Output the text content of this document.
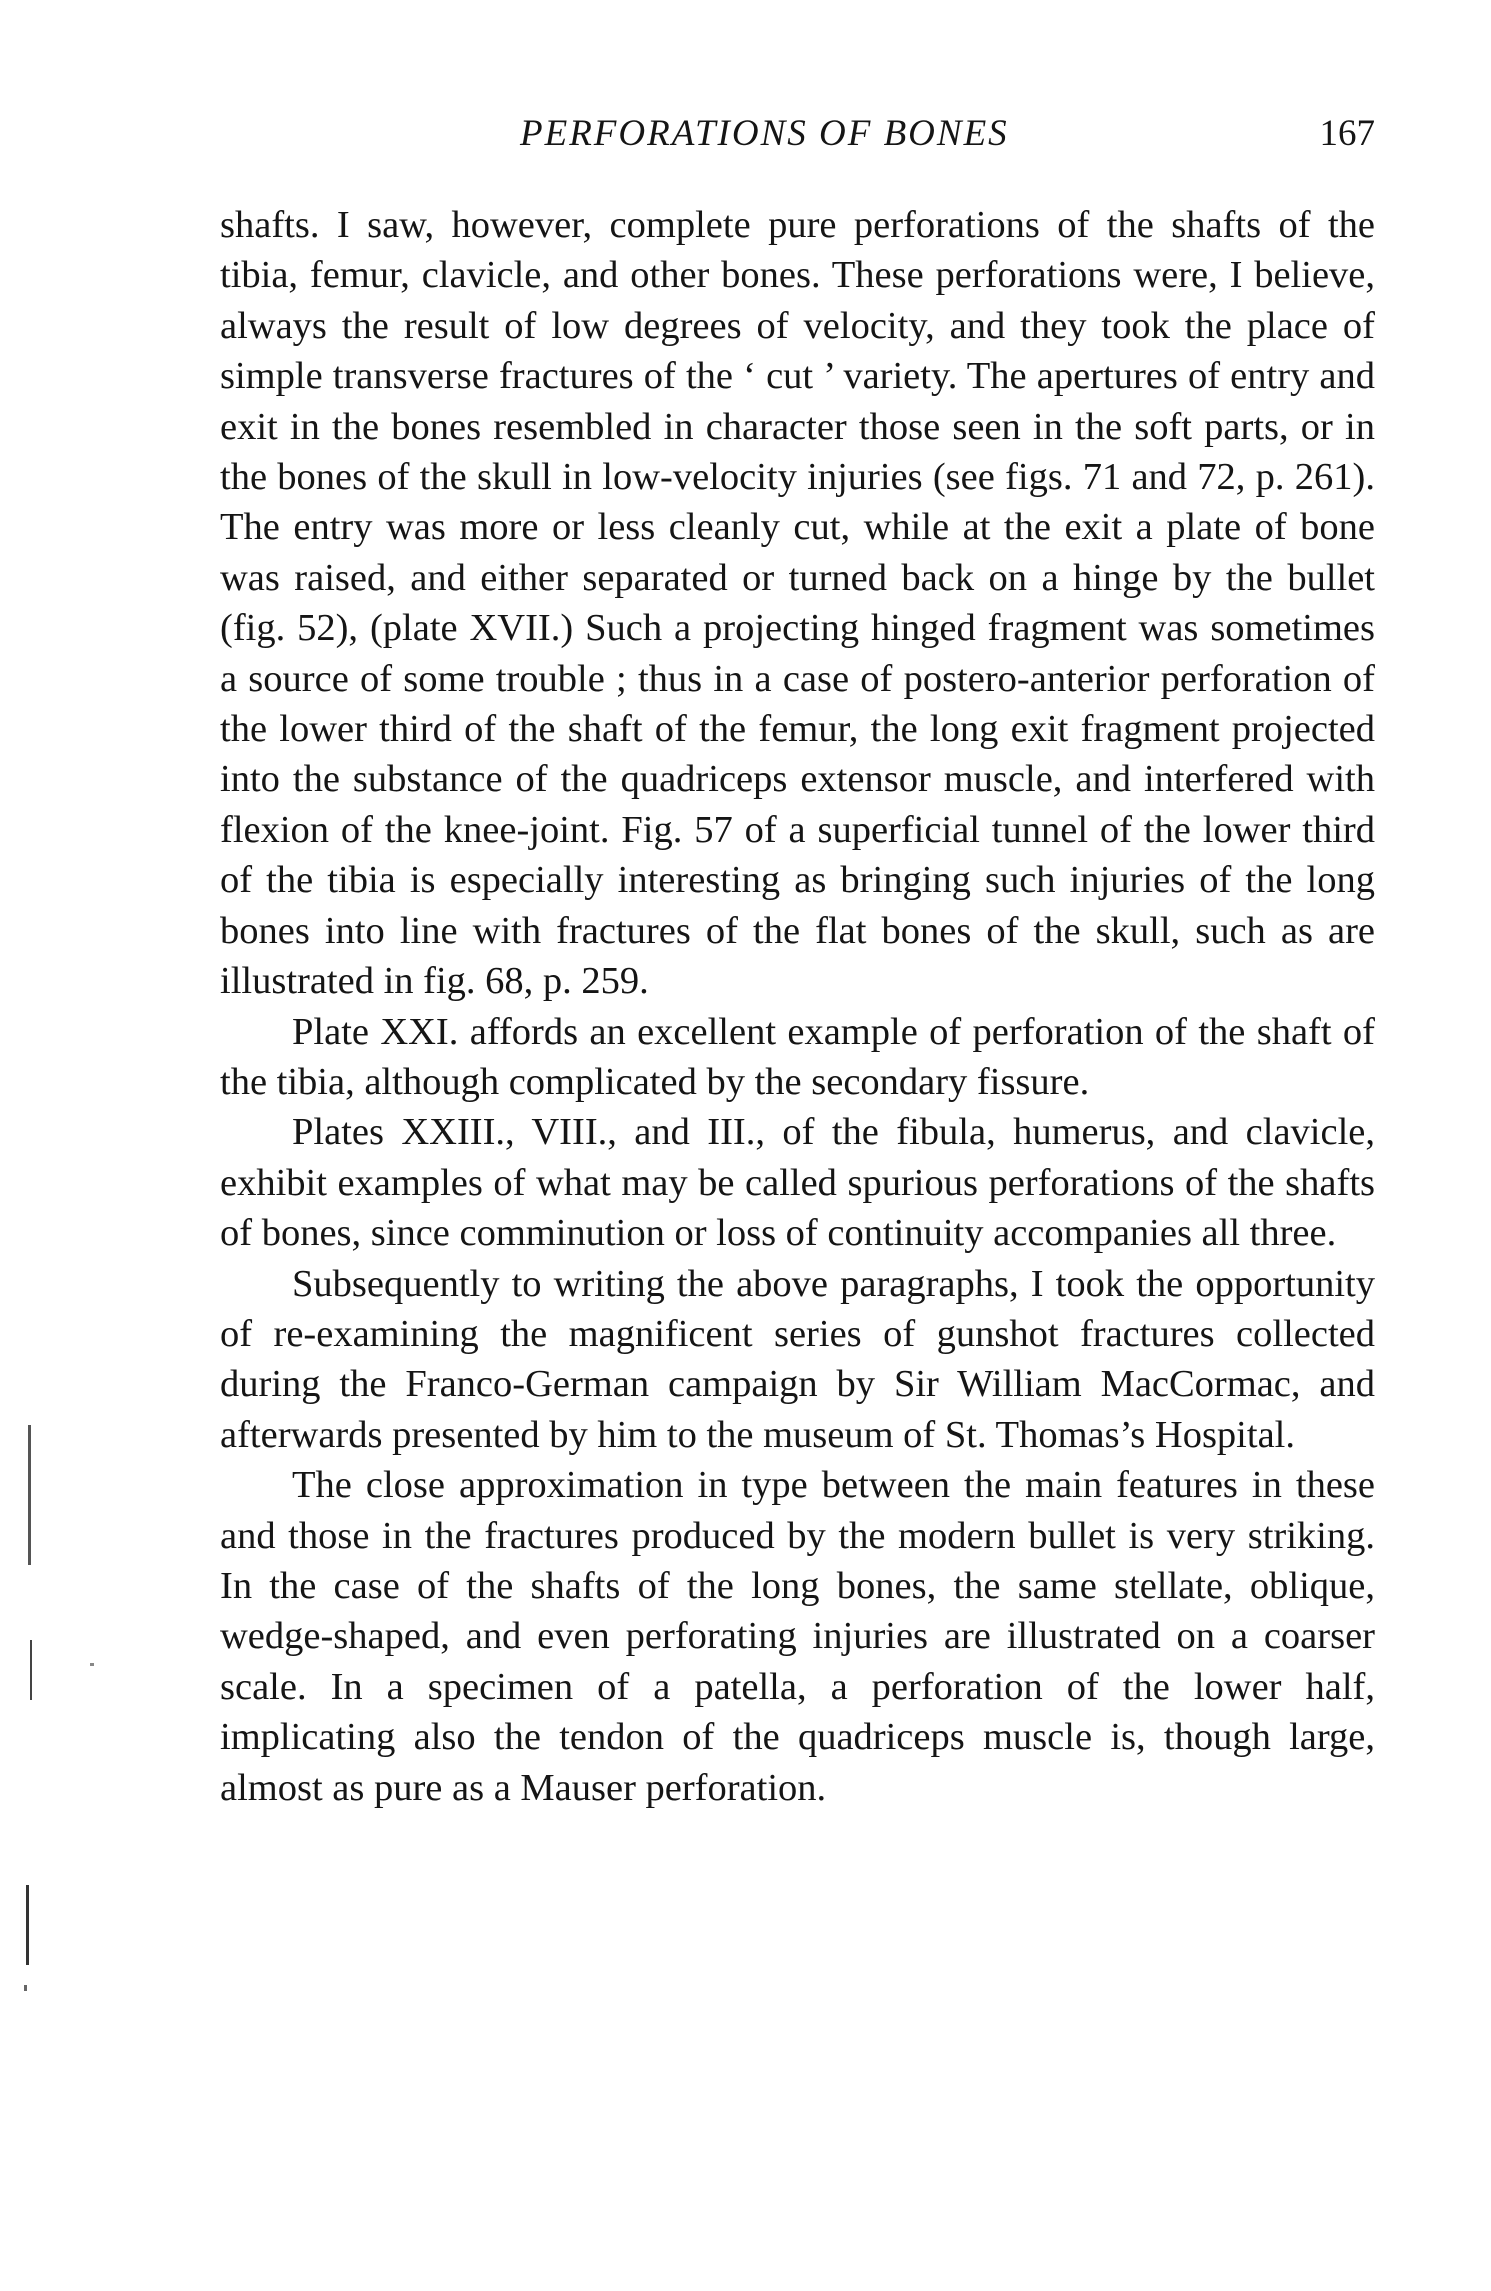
PERFORATIONS OF BONES	167

shafts. I saw, however, complete pure perforations of the shafts of the tibia, femur, clavicle, and other bones. These perforations were, I believe, always the result of low degrees of velocity, and they took the place of simple transverse fractures of the ‘ cut ’ variety. The apertures of entry and exit in the bones resembled in character those seen in the soft parts, or in the bones of the skull in low-velocity injuries (see figs. 71 and 72, p. 261). The entry was more or less cleanly cut, while at the exit a plate of bone was raised, and either separated or turned back on a hinge by the bullet (fig. 52), (plate XVII.) Such a projecting hinged fragment was sometimes a source of some trouble ; thus in a case of postero-anterior perforation of the lower third of the shaft of the femur, the long exit fragment projected into the substance of the quadriceps extensor muscle, and interfered with flexion of the knee-joint. Fig. 57 of a superficial tunnel of the lower third of the tibia is especially interesting as bringing such injuries of the long bones into line with fractures of the flat bones of the skull, such as are illustrated in fig. 68, p. 259.

Plate XXI. affords an excellent example of perforation of the shaft of the tibia, although complicated by the secondary fissure.

Plates XXIII., VIII., and III., of the fibula, humerus, and clavicle, exhibit examples of what may be called spurious perforations of the shafts of bones, since comminution or loss of continuity accompanies all three.

Subsequently to writing the above paragraphs, I took the opportunity of re-examining the magnificent series of gunshot fractures collected during the Franco-German campaign by Sir William MacCormac, and afterwards presented by him to the museum of St. Thomas’s Hospital.

The close approximation in type between the main features in these and those in the fractures produced by the modern bullet is very striking. In the case of the shafts of the long bones, the same stellate, oblique, wedge-shaped, and even perforating injuries are illustrated on a coarser scale. In a specimen of a patella, a perforation of the lower half, implicating also the tendon of the quadriceps muscle is, though large, almost as pure as a Mauser perforation.
